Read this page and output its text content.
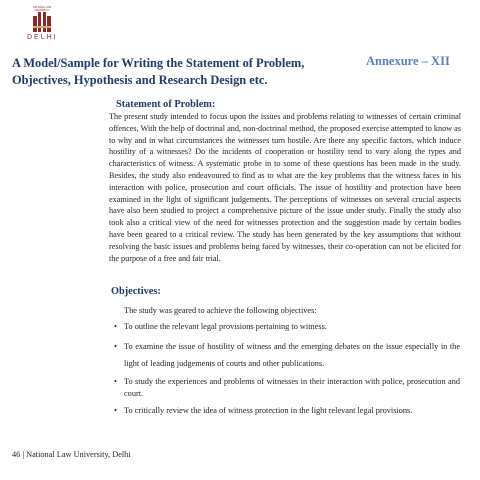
NATIONAL LAW UNIVERSITY
DELHI
A Model/Sample for Writing the Statement of Problem, Objectives, Hypothesis and Research Design etc.
Annexure – XII
Statement of Problem:
The present study intended to focus upon the issues and problems relating to witnesses of certain criminal offences, With the help of doctrinal and, non-doctrinal method, the proposed exercise attempted to know as to why and in what circumstances the witnesses turn hostile. Are there any specific factors, which induce hostility of a witnesses? Do the incidents of cooperation or hostility tend to vary along the types and characteristics of witness. A systematic probe in to some of these questions has been made in the study. Besides, the study also endeavoured to find as to what are the key problems that the witness faces in his interaction with police, prosecution and court officials. The issue of hostility and protection have been examined in the light of significant judgements. The perceptions of witnesses on several crucial aspects have also been studied to project a comprehensive picture of the issue under study. Finally the study also took also a critical view of the need for witnesses protection and the suggestion made by certain bodies have been geared to a critical review. The study has been generated by the key assumptions that without resolving the basic issues and problems being faced by witnesses, their co-operation can not be elicited for the purpose of a free and fair trial.
Objectives:
The study was geared to achieve the following objectives:
• To outline the relevant legal provisions pertaining to witness.
• To examine the issue of hostility of witness and the emerging debates on the issue especially in the light of leading judgements of courts and other publications.
• To study the experiences and problems of witnesses in their interaction with police, prosecution and court.
• To critically review the idea of witness protection in the light relevant legal provisions.
46 | National Law University, Delhi
